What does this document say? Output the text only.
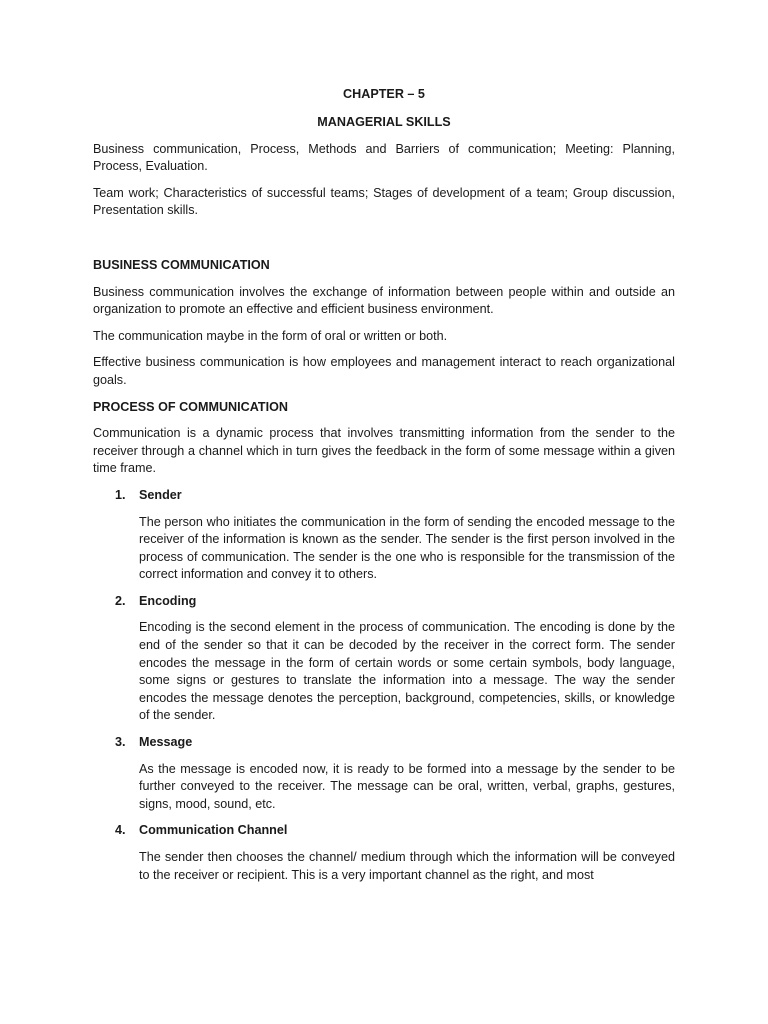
CHAPTER – 5
MANAGERIAL SKILLS

Business communication, Process, Methods and Barriers of communication; Meeting: Planning, Process, Evaluation.

Team work; Characteristics of successful teams; Stages of development of a team; Group discussion, Presentation skills.

BUSINESS COMMUNICATION

Business communication involves the exchange of information between people within and outside an organization to promote an effective and efficient business environment.

The communication maybe in the form of oral or written or both.

Effective business communication is how employees and management interact to reach organizational goals.

PROCESS OF COMMUNICATION

Communication is a dynamic process that involves transmitting information from the sender to the receiver through a channel which in turn gives the feedback in the form of some message within a given time frame.

1. Sender
The person who initiates the communication in the form of sending the encoded message to the receiver of the information is known as the sender. The sender is the first person involved in the process of communication. The sender is the one who is responsible for the transmission of the correct information and convey it to others.
2. Encoding
Encoding is the second element in the process of communication. The encoding is done by the end of the sender so that it can be decoded by the receiver in the correct form. The sender encodes the message in the form of certain words or some certain symbols, body language, some signs or gestures to translate the information into a message. The way the sender encodes the message denotes the perception, background, competencies, skills, or knowledge of the sender.
3. Message
As the message is encoded now, it is ready to be formed into a message by the sender to be further conveyed to the receiver. The message can be oral, written, verbal, graphs, gestures, signs, mood, sound, etc.
4. Communication Channel
The sender then chooses the channel/ medium through which the information will be conveyed to the receiver or recipient. This is a very important channel as the right, and most
